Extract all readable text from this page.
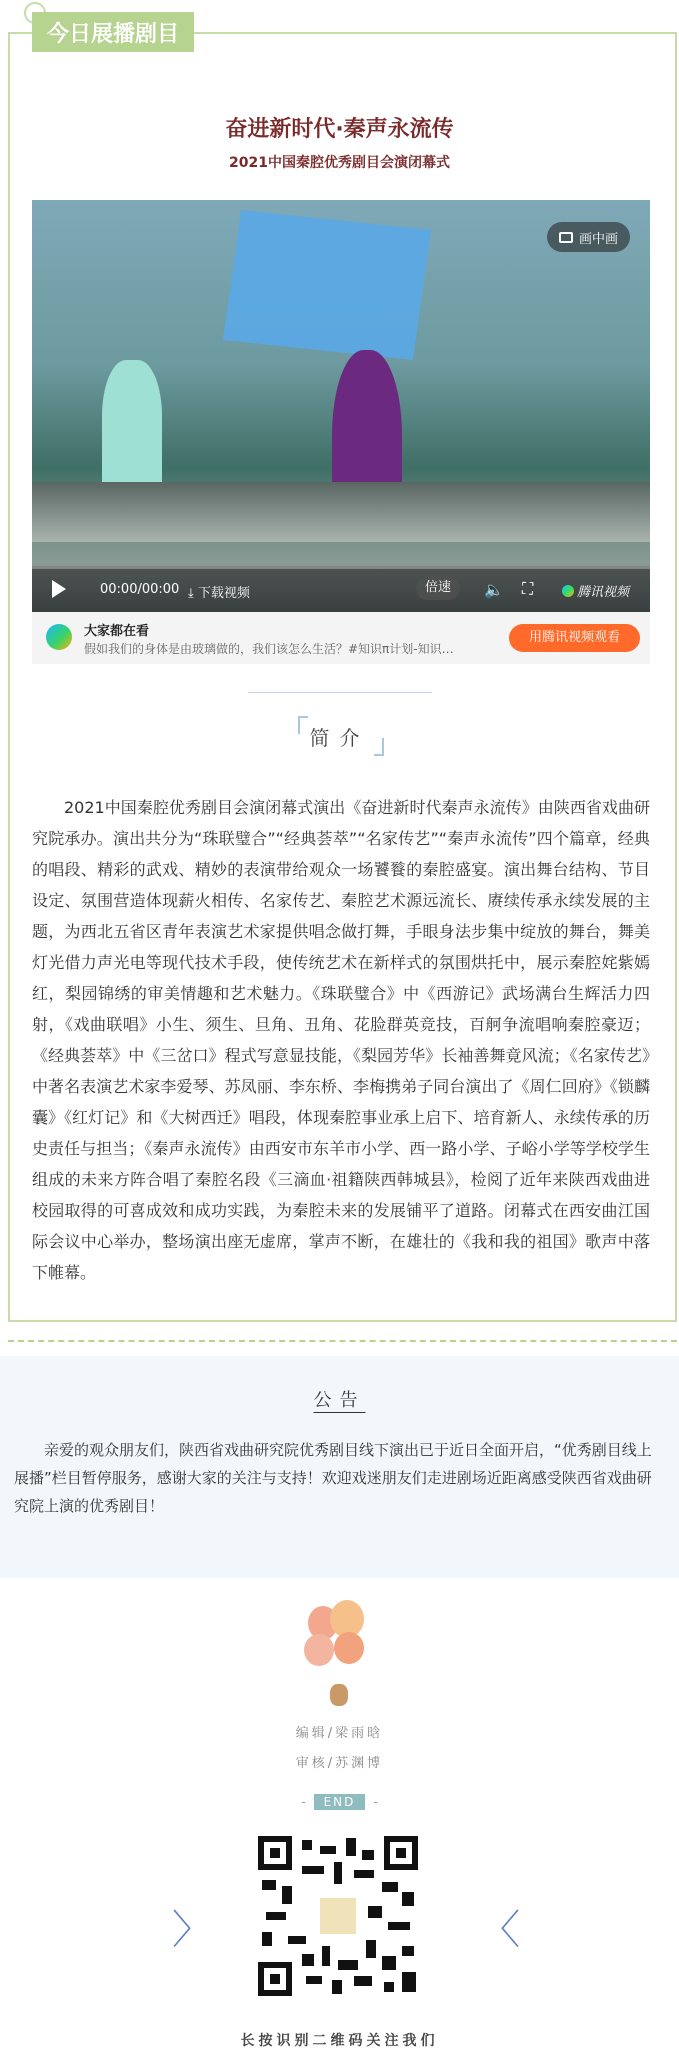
今日展播剧目
奋进新时代·秦声永流传
2021中国秦腔优秀剧目会演闭幕式
画中画
00:00/00:00 ⤓ 下载视频	倍速	🔈 ⛶	腾讯视频
大家都在看
假如我们的身体是由玻璃做的，我们该怎么生活？#知识π计划-知识…
用腾讯视频观看
简介

2021中国秦腔优秀剧目会演闭幕式演出《奋进新时代秦声永流传》由陕西省戏曲研究院承办。演出共分为“珠联璧合”“经典荟萃”“名家传艺”“秦声永流传”四个篇章，经典的唱段、精彩的武戏、精妙的表演带给观众一场饕餮的秦腔盛宴。演出舞台结构、节目设定、氛围营造体现薪火相传、名家传艺、秦腔艺术源远流长、赓续传承永续发展的主题，为西北五省区青年表演艺术家提供唱念做打舞，手眼身法步集中绽放的舞台，舞美灯光借力声光电等现代技术手段，使传统艺术在新样式的氛围烘托中，展示秦腔姹紫嫣红，梨园锦绣的审美情趣和艺术魅力。《珠联璧合》中《西游记》武场满台生辉活力四射，《戏曲联唱》小生、须生、旦角、丑角、花脸群英竞技，百舸争流唱响秦腔豪迈；《经典荟萃》中《三岔口》程式写意显技能，《梨园芳华》长袖善舞竟风流；《名家传艺》中著名表演艺术家李爱琴、苏凤丽、李东桥、李梅携弟子同台演出了《周仁回府》《锁麟囊》《红灯记》和《大树西迁》唱段，体现秦腔事业承上启下、培育新人、永续传承的历史责任与担当；《秦声永流传》由西安市东羊市小学、西一路小学、子峪小学等学校学生组成的未来方阵合唱了秦腔名段《三滴血·祖籍陕西韩城县》，检阅了近年来陕西戏曲进校园取得的可喜成效和成功实践，为秦腔未来的发展铺平了道路。闭幕式在西安曲江国际会议中心举办，整场演出座无虚席，掌声不断，在雄壮的《我和我的祖国》歌声中落下帷幕。

公告

亲爱的观众朋友们，陕西省戏曲研究院优秀剧目线下演出已于近日全面开启，“优秀剧目线上展播”栏目暂停服务，感谢大家的关注与支持！欢迎戏迷朋友们走进剧场近距离感受陕西省戏曲研究院上演的优秀剧目！

编辑/梁雨晗
审核/苏渊博
- END -
〉	〈
长按识别二维码关注我们
